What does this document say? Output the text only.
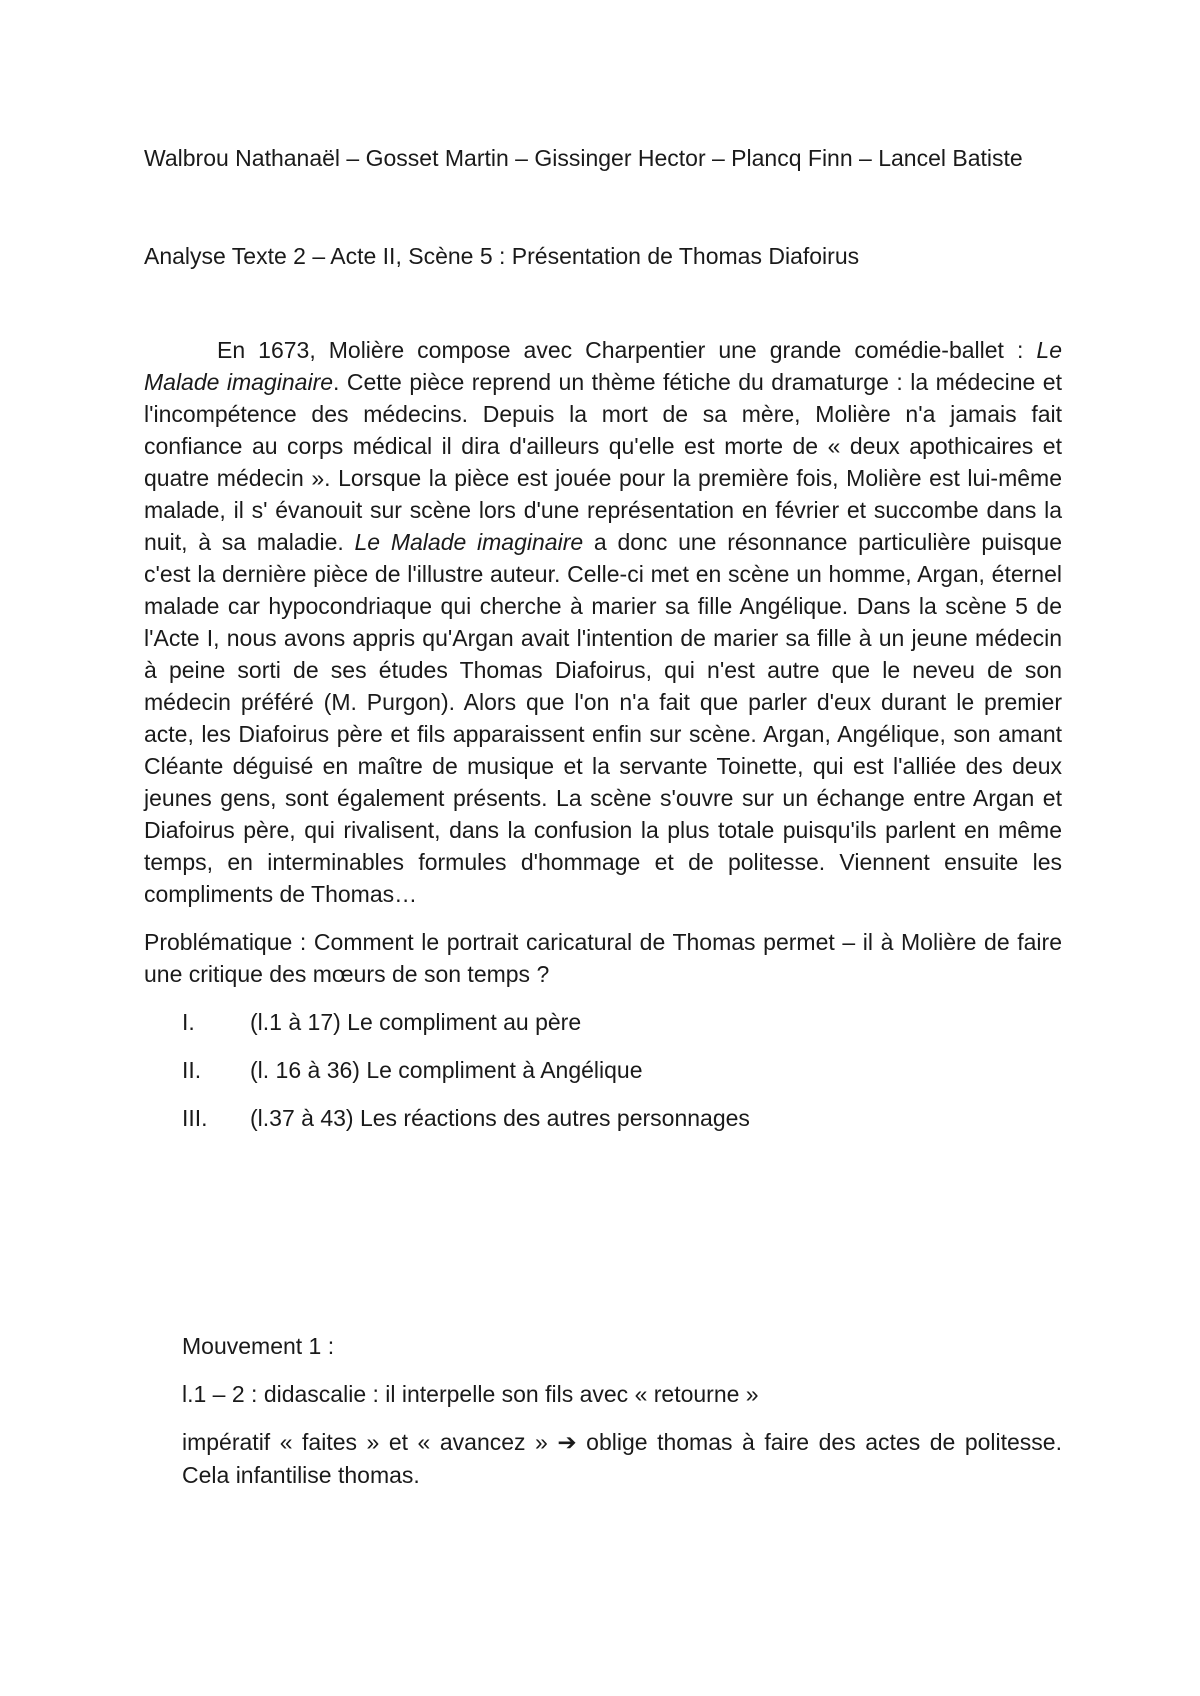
Walbrou Nathanaël – Gosset Martin – Gissinger Hector – Plancq Finn – Lancel Batiste

Analyse Texte 2 – Acte II, Scène 5 : Présentation de Thomas Diafoirus

En 1673, Molière compose avec Charpentier une grande comédie-ballet : Le Malade imaginaire. Cette pièce reprend un thème fétiche du dramaturge : la médecine et l'incompétence des médecins. Depuis la mort de sa mère, Molière n'a jamais fait confiance au corps médical il dira d'ailleurs qu'elle est morte de « deux apothicaires et quatre médecin ». Lorsque la pièce est jouée pour la première fois, Molière est lui-même malade, il s' évanouit sur scène lors d'une représentation en février et succombe dans la nuit, à sa maladie. Le Malade imaginaire a donc une résonnance particulière puisque c'est la dernière pièce de l'illustre auteur. Celle-ci met en scène un homme, Argan, éternel malade car hypocondriaque qui cherche à marier sa fille Angélique. Dans la scène 5 de l'Acte I, nous avons appris qu'Argan avait l'intention de marier sa fille à un jeune médecin à peine sorti de ses études Thomas Diafoirus, qui n'est autre que le neveu de son médecin préféré (M. Purgon). Alors que l'on n'a fait que parler d'eux durant le premier acte, les Diafoirus père et fils apparaissent enfin sur scène. Argan, Angélique, son amant Cléante déguisé en maître de musique et la servante Toinette, qui est l'alliée des deux jeunes gens, sont également présents. La scène s'ouvre sur un échange entre Argan et Diafoirus père, qui rivalisent, dans la confusion la plus totale puisqu'ils parlent en même temps, en interminables formules d'hommage et de politesse. Viennent ensuite les compliments de Thomas…

Problématique : Comment le portrait caricatural de Thomas permet – il à Molière de faire une critique des mœurs de son temps ?

I.	(l.1 à 17) Le compliment au père
II.	(l. 16 à 36) Le compliment à Angélique
III.	(l.37 à 43) Les réactions des autres personnages

Mouvement 1 :

l.1 – 2 : didascalie : il interpelle son fils avec « retourne »

impératif « faites » et « avancez » ➔ oblige thomas à faire des actes de politesse. Cela infantilise thomas.
